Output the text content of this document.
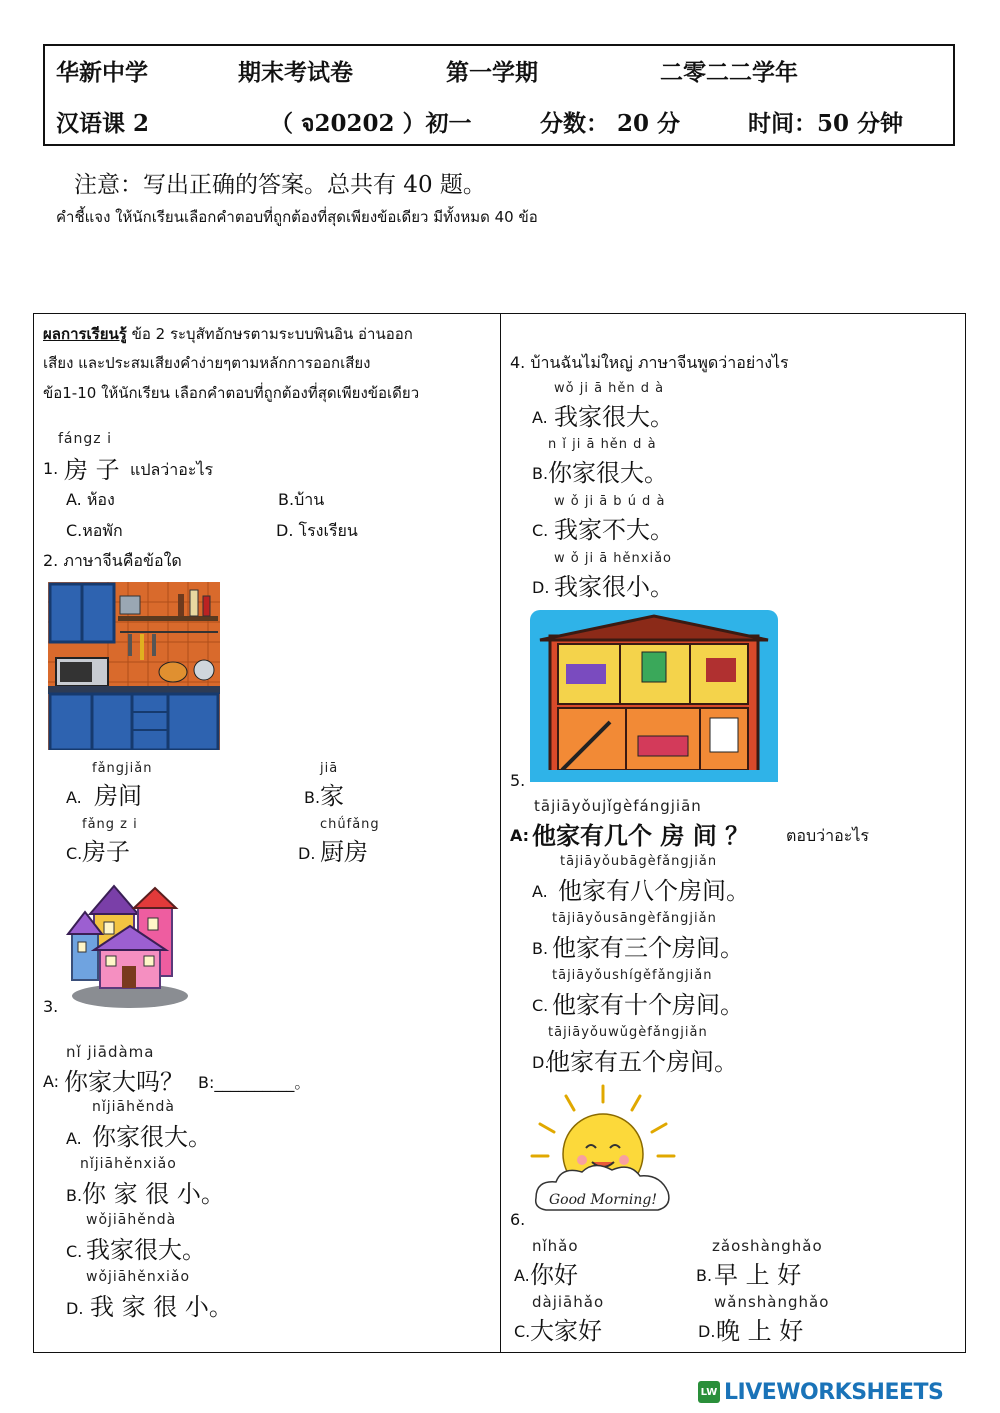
华新中学	期末考试卷	第一学期	二零二二学年
汉语课 2	（ จ20202 ）初一	分数： 20 分	时间：50 分钟
注意：写出正确的答案。总共有 40 题。
คำชี้แจง ให้นักเรียนเลือกคำตอบที่ถูกต้องที่สุดเพียงข้อเดียว มีทั้งหมด 40 ข้อ
ผลการเรียนรู้ ข้อ 2 ระบุสัทอักษรตามระบบพินอิน อ่านออก
เสียง และประสมเสียงคำง่ายๆตามหลักการออกเสียง
ข้อ1-10 ให้นักเรียน เลือกคำตอบที่ถูกต้องที่สุดเพียงข้อเดียว
fángz i
1. 房 子 แปลว่าอะไร
A. ห้อง	B.บ้าน
C.หอพัก	D. โรงเรียน
2. ภาษาจีนคือข้อใด
fǎngjiǎn
A. 房间
jiā
B. 家
fǎng z i
C. 房子
chǘfǎng
D. 厨房
3.
nǐ jiādàma
A: 你家大吗？ B:__________。
nǐjiāhěndà
A. 你家很大。
nǐjiāhěnxiǎo
B. 你 家 很 小。
wǒjiāhěndà
C. 我家很大。
wǒjiāhěnxiǎo
D. 我 家 很 小。
4. บ้านฉันไม่ใหญ่ ภาษาจีนพูดว่าอย่างไร
wǒ ji ā hěn d à
A. 我家很大。
n ǐ ji ā hěn d à
B. 你家很大。
w ǒ ji ā b ú d à
C. 我家不大。
w ǒ ji ā hěnxiǎo
D. 我家很小。
5.
tājiāyǒujǐgèfángjiān
A: 他家有几个 房 间 ？ ตอบว่าอะไร
tājiāyǒubāgèfǎngjiǎn
A. 他家有八个房间。
tājiāyǒusāngèfǎngjiǎn
B. 他家有三个房间。
tājiāyǒushígěfǎngjiǎn
C. 他家有十个房间。
tājiāyǒuwǔgèfǎngjiǎn
D.
他家有五个房间。
Good Morning!
6.
nǐhǎo
A. 你好
zǎoshànghǎo
B. 早 上 好
dàjiāhǎo
C. 大家好
wǎnshànghǎo
D. 晚 上 好
LW LIVEWORKSHEETS
